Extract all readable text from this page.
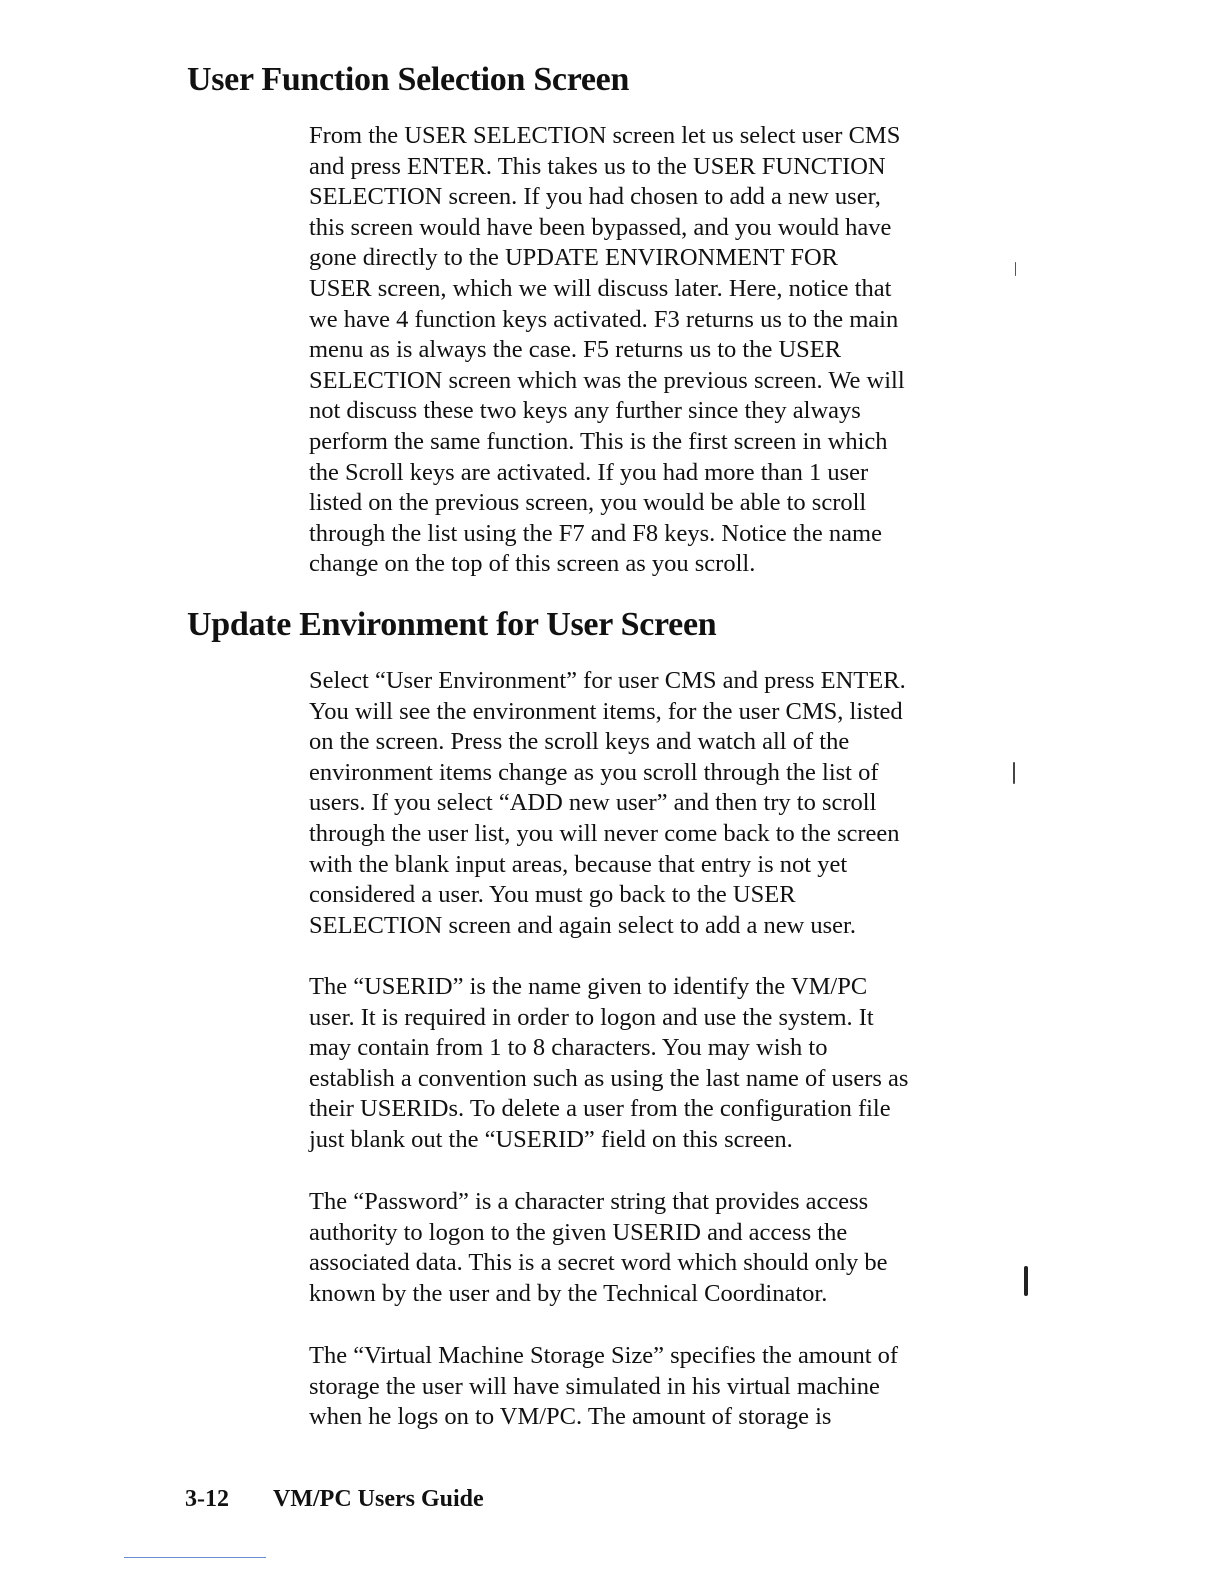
User Function Selection Screen
From the USER SELECTION screen let us select user CMS
and press ENTER. This takes us to the USER FUNCTION
SELECTION screen. If you had chosen to add a new user,
this screen would have been bypassed, and you would have
gone directly to the UPDATE ENVIRONMENT FOR
USER screen, which we will discuss later. Here, notice that
we have 4 function keys activated. F3 returns us to the main
menu as is always the case. F5 returns us to the USER
SELECTION screen which was the previous screen. We will
not discuss these two keys any further since they always
perform the same function. This is the first screen in which
the Scroll keys are activated. If you had more than 1 user
listed on the previous screen, you would be able to scroll
through the list using the F7 and F8 keys. Notice the name
change on the top of this screen as you scroll.
Update Environment for User Screen
Select “User Environment” for user CMS and press ENTER.
You will see the environment items, for the user CMS, listed
on the screen. Press the scroll keys and watch all of the
environment items change as you scroll through the list of
users. If you select “ADD new user” and then try to scroll
through the user list, you will never come back to the screen
with the blank input areas, because that entry is not yet
considered a user. You must go back to the USER
SELECTION screen and again select to add a new user.
The “USERID” is the name given to identify the VM/PC
user. It is required in order to logon and use the system. It
may contain from 1 to 8 characters. You may wish to
establish a convention such as using the last name of users as
their USERIDs. To delete a user from the configuration file
just blank out the “USERID” field on this screen.
The “Password” is a character string that provides access
authority to logon to the given USERID and access the
associated data. This is a secret word which should only be
known by the user and by the Technical Coordinator.
The “Virtual Machine Storage Size” specifies the amount of
storage the user will have simulated in his virtual machine
when he logs on to VM/PC. The amount of storage is
3-12 VM/PC Users Guide
